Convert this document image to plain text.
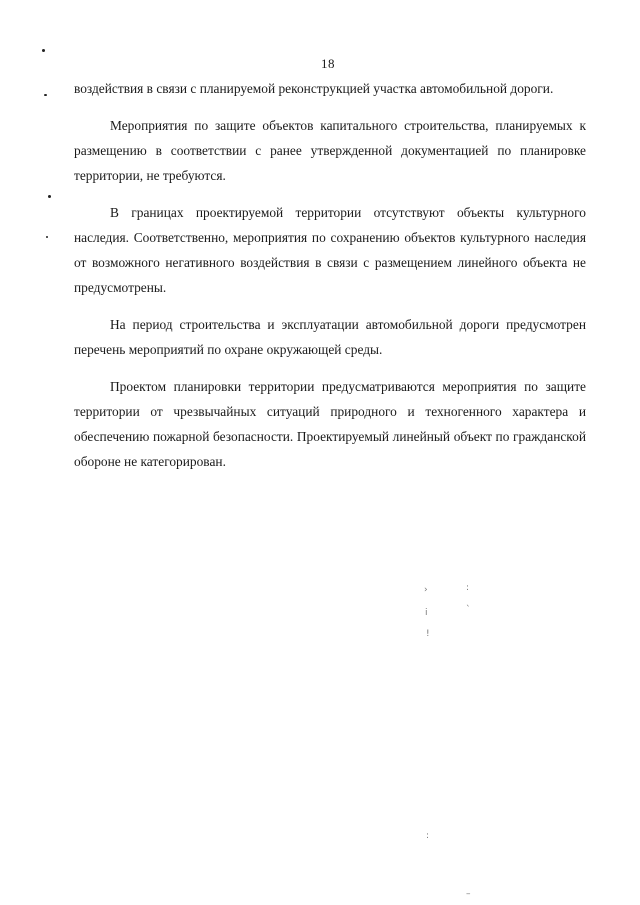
18

воздействия в связи с планируемой реконструкцией участка автомобильной дороги.

Мероприятия по защите объектов капитального строительства, планируемых к размещению в соответствии с ранее утвержденной документацией по планировке территории, не требуются.

В границах проектируемой территории отсутствуют объекты культурного наследия. Соответственно, мероприятия по сохранению объектов культурного наследия от возможного негативного воздействия в связи с размещением линейного объекта не предусмотрены.

На период строительства и эксплуатации автомобильной дороги предусмотрен перечень мероприятий по охране окружающей среды.

Проектом планировки территории предусматриваются мероприятия по защите территории от чрезвычайных ситуаций природного и техногенного характера и обеспечению пожарной безопасности. Проектируемый линейный объект по гражданской обороне не категорирован.

›	:
i	`
!
:
–
